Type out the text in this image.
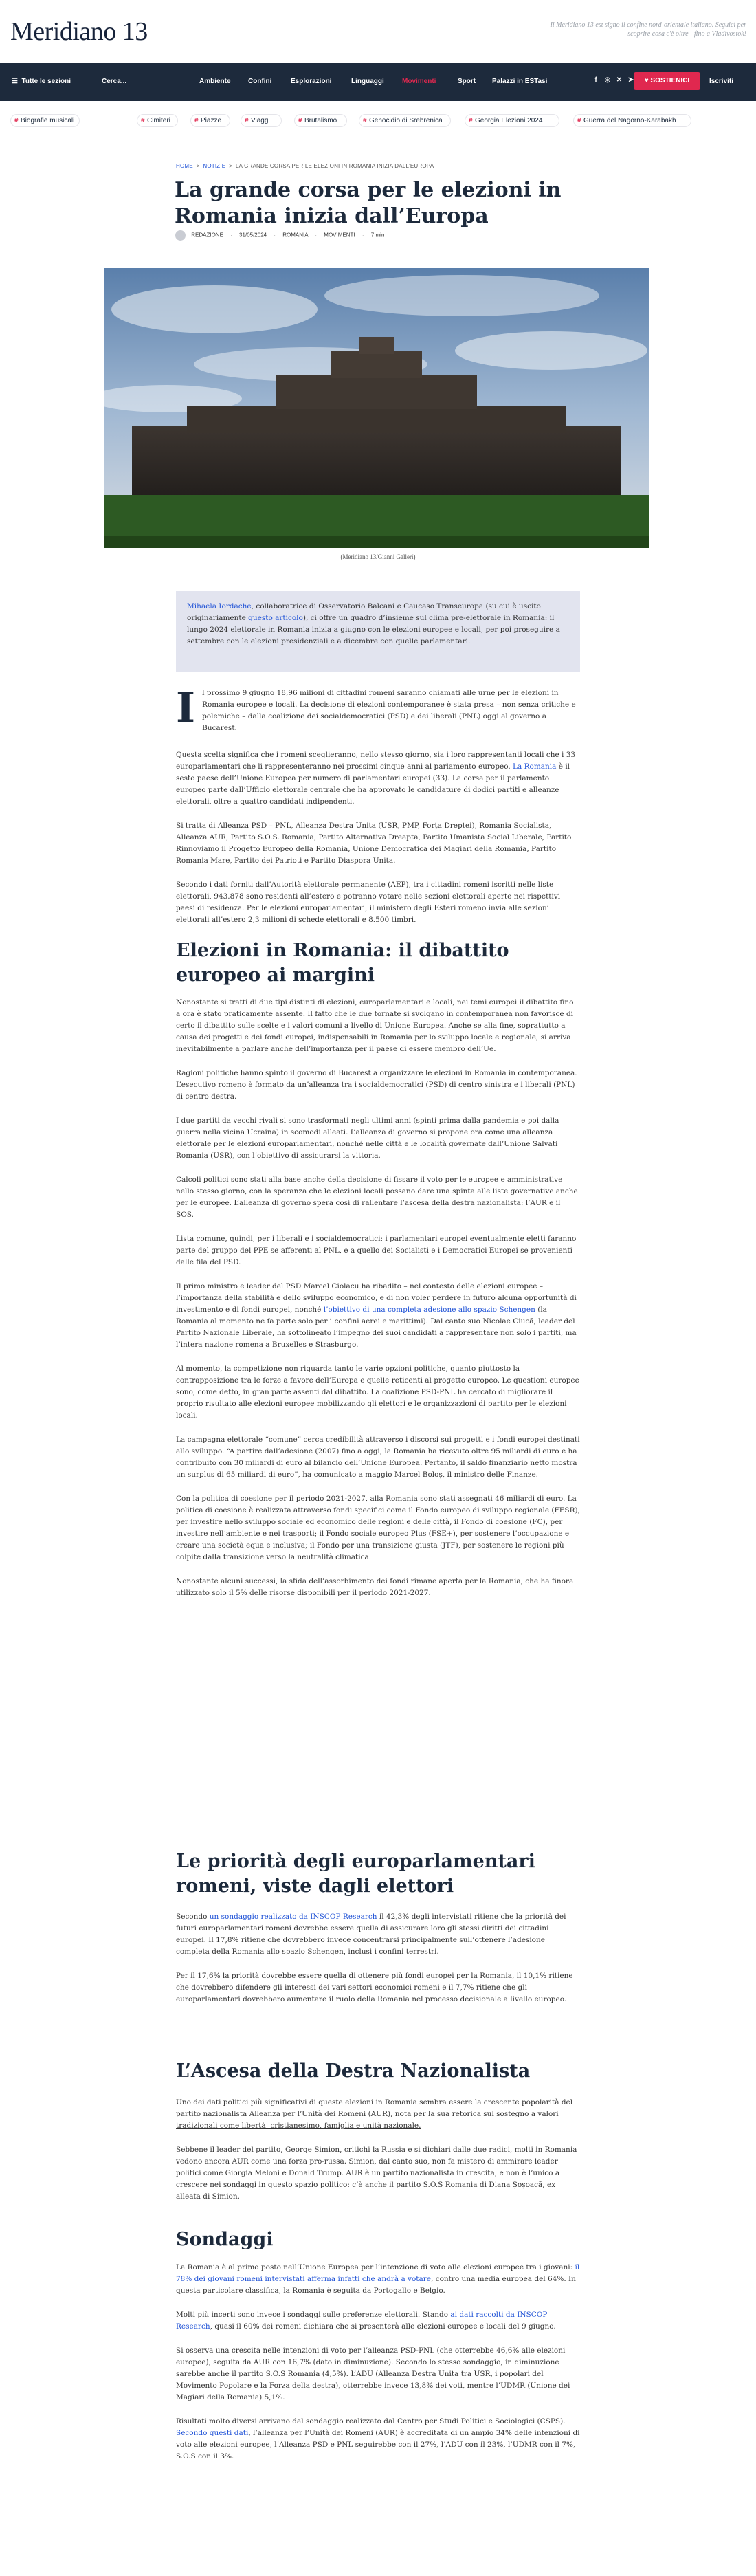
Meridiano 13	Il Meridiano 13 est signo il confine nord-orientale italiano. Seguici per scoprire cosa c'è oltre - fino a Vladivostok!
☰ Tutte le sezioni	Cerca...	Ambiente	Confini	Esplorazioni	Linguaggi	Movimenti	Sport Palazzi in ESTasi	f	◎ ✕ ➤	♥ SOSTIENICI	Iscriviti
# Biografie musicali	# Cimiteri	# Piazze	# Viaggi	# Brutalismo	# Genocidio di Srebrenica	# Georgia Elezioni 2024	# Guerra del Nagorno-Karabakh
HOME  >  NOTIZIE  >  LA GRANDE CORSA PER LE ELEZIONI IN ROMANIA INIZIA DALL'EUROPA
La grande corsa per le elezioni in Romania inizia dall’Europa
REDAZIONE · 31/05/2024 · ROMANIA · MOVIMENTI · 7 min
(Meridiano 13/Gianni Galleri)
Mihaela Iordache, collaboratrice di Osservatorio Balcani e Caucaso Transeuropa (su cui è uscito originariamente questo articolo), ci offre un quadro d’insieme sul clima pre-elettorale in Romania: il lungo 2024 elettorale in Romania inizia a giugno con le elezioni europee e locali, per poi proseguire a settembre con le elezioni presidenziali e a dicembre con quelle parlamentari.
I l prossimo 9 giugno 18,96 milioni di cittadini romeni saranno chiamati alle urne per le elezioni in Romania europee e locali. La decisione di elezioni contemporanee è stata presa – non senza critiche e polemiche – dalla coalizione dei socialdemocratici (PSD) e dei liberali (PNL) oggi al governo a Bucarest.

Questa scelta significa che i romeni sceglieranno, nello stesso giorno, sia i loro rappresentanti locali che i 33 europarlamentari che li rappresenteranno nei prossimi cinque anni al parlamento europeo. La Romania è il sesto paese dell’Unione Europea per numero di parlamentari europei (33). La corsa per il parlamento europeo parte dall’Ufficio elettorale centrale che ha approvato le candidature di dodici partiti e alleanze elettorali, oltre a quattro candidati indipendenti.

Si tratta di Alleanza PSD – PNL, Alleanza Destra Unita (USR, PMP, Forța Dreptei), Romania Socialista, Alleanza AUR, Partito S.O.S. Romania, Partito Alternativa Dreapta, Partito Umanista Social Liberale, Partito Rinnoviamo il Progetto Europeo della Romania, Unione Democratica dei Magiari della Romania, Partito Romania Mare, Partito dei Patrioti e Partito Diaspora Unita.

Secondo i dati forniti dall’Autorità elettorale permanente (AEP), tra i cittadini romeni iscritti nelle liste elettorali, 943.878 sono residenti all’estero e potranno votare nelle sezioni elettorali aperte nei rispettivi paesi di residenza. Per le elezioni europarlamentari, il ministero degli Esteri romeno invia alle sezioni elettorali all’estero 2,3 milioni di schede elettorali e 8.500 timbri.

Elezioni in Romania: il dibattito europeo ai margini

Nonostante si tratti di due tipi distinti di elezioni, europarlamentari e locali, nei temi europei il dibattito fino a ora è stato praticamente assente. Il fatto che le due tornate si svolgano in contemporanea non favorisce di certo il dibattito sulle scelte e i valori comuni a livello di Unione Europea. Anche se alla fine, soprattutto a causa dei progetti e dei fondi europei, indispensabili in Romania per lo sviluppo locale e regionale, si arriva inevitabilmente a parlare anche dell’importanza per il paese di essere membro dell’Ue.

Ragioni politiche hanno spinto il governo di Bucarest a organizzare le elezioni in Romania in contemporanea. L’esecutivo romeno è formato da un’alleanza tra i socialdemocratici (PSD) di centro sinistra e i liberali (PNL) di centro destra.

I due partiti da vecchi rivali si sono trasformati negli ultimi anni (spinti prima dalla pandemia e poi dalla guerra nella vicina Ucraina) in scomodi alleati. L’alleanza di governo si propone ora come una alleanza elettorale per le elezioni europarlamentari, nonché nelle città e le località governate dall’Unione Salvati Romania (USR), con l’obiettivo di assicurarsi la vittoria.

Calcoli politici sono stati alla base anche della decisione di fissare il voto per le europee e amministrative nello stesso giorno, con la speranza che le elezioni locali possano dare una spinta alle liste governative anche per le europee. L’alleanza di governo spera così di rallentare l’ascesa della destra nazionalista: l’AUR e il SOS.

Lista comune, quindi, per i liberali e i socialdemocratici: i parlamentari europei eventualmente eletti faranno parte del gruppo del PPE se afferenti al PNL, e a quello dei Socialisti e i Democratici Europei se provenienti dalle fila del PSD.

Il primo ministro e leader del PSD Marcel Ciolacu ha ribadito – nel contesto delle elezioni europee – l’importanza della stabilità e dello sviluppo economico, e di non voler perdere in futuro alcuna opportunità di investimento e di fondi europei, nonché l’obiettivo di una completa adesione allo spazio Schengen (la Romania al momento ne fa parte solo per i confini aerei e marittimi). Dal canto suo Nicolae Ciucă, leader del Partito Nazionale Liberale, ha sottolineato l’impegno dei suoi candidati a rappresentare non solo i partiti, ma l’intera nazione romena a Bruxelles e Strasburgo.

Al momento, la competizione non riguarda tanto le varie opzioni politiche, quanto piuttosto la contrapposizione tra le forze a favore dell’Europa e quelle reticenti al progetto europeo. Le questioni europee sono, come detto, in gran parte assenti dal dibattito. La coalizione PSD-PNL ha cercato di migliorare il proprio risultato alle elezioni europee mobilizzando gli elettori e le organizzazioni di partito per le elezioni locali.

La campagna elettorale “comune” cerca credibilità attraverso i discorsi sui progetti e i fondi europei destinati allo sviluppo. “A partire dall’adesione (2007) fino a oggi, la Romania ha ricevuto oltre 95 miliardi di euro e ha contribuito con 30 miliardi di euro al bilancio dell’Unione Europea. Pertanto, il saldo finanziario netto mostra un surplus di 65 miliardi di euro”, ha comunicato a maggio Marcel Boloș, il ministro delle Finanze.

Con la politica di coesione per il periodo 2021-2027, alla Romania sono stati assegnati 46 miliardi di euro. La politica di coesione è realizzata attraverso fondi specifici come il Fondo europeo di sviluppo regionale (FESR), per investire nello sviluppo sociale ed economico delle regioni e delle città, il Fondo di coesione (FC), per investire nell’ambiente e nei trasporti; il Fondo sociale europeo Plus (FSE+), per sostenere l’occupazione e creare una società equa e inclusiva; il Fondo per una transizione giusta (JTF), per sostenere le regioni più colpite dalla transizione verso la neutralità climatica.

Nonostante alcuni successi, la sfida dell’assorbimento dei fondi rimane aperta per la Romania, che ha finora utilizzato solo il 5% delle risorse disponibili per il periodo 2021-2027.

Le priorità degli europarlamentari romeni, viste dagli elettori

Secondo un sondaggio realizzato da INSCOP Research il 42,3% degli intervistati ritiene che la priorità dei futuri europarlamentari romeni dovrebbe essere quella di assicurare loro gli stessi diritti dei cittadini europei. Il 17,8% ritiene che dovrebbero invece concentrarsi principalmente sull’ottenere l’adesione completa della Romania allo spazio Schengen, inclusi i confini terrestri.

Per il 17,6% la priorità dovrebbe essere quella di ottenere più fondi europei per la Romania, il 10,1% ritiene che dovrebbero difendere gli interessi dei vari settori economici romeni e il 7,7% ritiene che gli europarlamentari dovrebbero aumentare il ruolo della Romania nel processo decisionale a livello europeo.

L’Ascesa della Destra Nazionalista

Uno dei dati politici più significativi di queste elezioni in Romania sembra essere la crescente popolarità del partito nazionalista Alleanza per l’Unità dei Romeni (AUR), nota per la sua retorica sul sostegno a valori tradizionali come libertà, cristianesimo, famiglia e unità nazionale.

Sebbene il leader del partito, George Simion, critichi la Russia e si dichiari dalle due radici, molti in Romania vedono ancora AUR come una forza pro-russa. Simion, dal canto suo, non fa mistero di ammirare leader politici come Giorgia Meloni e Donald Trump. AUR è un partito nazionalista in crescita, e non è l’unico a crescere nei sondaggi in questo spazio politico: c’è anche il partito S.O.S Romania di Diana Șoșoacă, ex alleata di Simion.

Sondaggi

La Romania è al primo posto nell’Unione Europea per l’intenzione di voto alle elezioni europee tra i giovani: il 78% dei giovani romeni intervistati afferma infatti che andrà a votare, contro una media europea del 64%. In questa particolare classifica, la Romania è seguita da Portogallo e Belgio.

Molti più incerti sono invece i sondaggi sulle preferenze elettorali. Stando ai dati raccolti da INSCOP Research, quasi il 60% dei romeni dichiara che si presenterà alle elezioni europee e locali del 9 giugno.

Si osserva una crescita nelle intenzioni di voto per l’alleanza PSD-PNL (che otterrebbe 46,6% alle elezioni europee), seguita da AUR con 16,7% (dato in diminuzione). Secondo lo stesso sondaggio, in diminuzione sarebbe anche il partito S.O.S Romania (4,5%). L’ADU (Alleanza Destra Unita tra USR, i popolari del Movimento Popolare e la Forza della destra), otterrebbe invece 13,8% dei voti, mentre l’UDMR (Unione dei Magiari della Romania) 5,1%.

Risultati molto diversi arrivano dal sondaggio realizzato dal Centro per Studi Politici e Sociologici (CSPS). Secondo questi dati, l’alleanza per l’Unità dei Romeni (AUR) è accreditata di un ampio 34% delle intenzioni di voto alle elezioni europee, l’Alleanza PSD e PNL seguirebbe con il 27%, l’ADU con il 23%, l’UDMR con il 7%, S.O.S con il 3%.
